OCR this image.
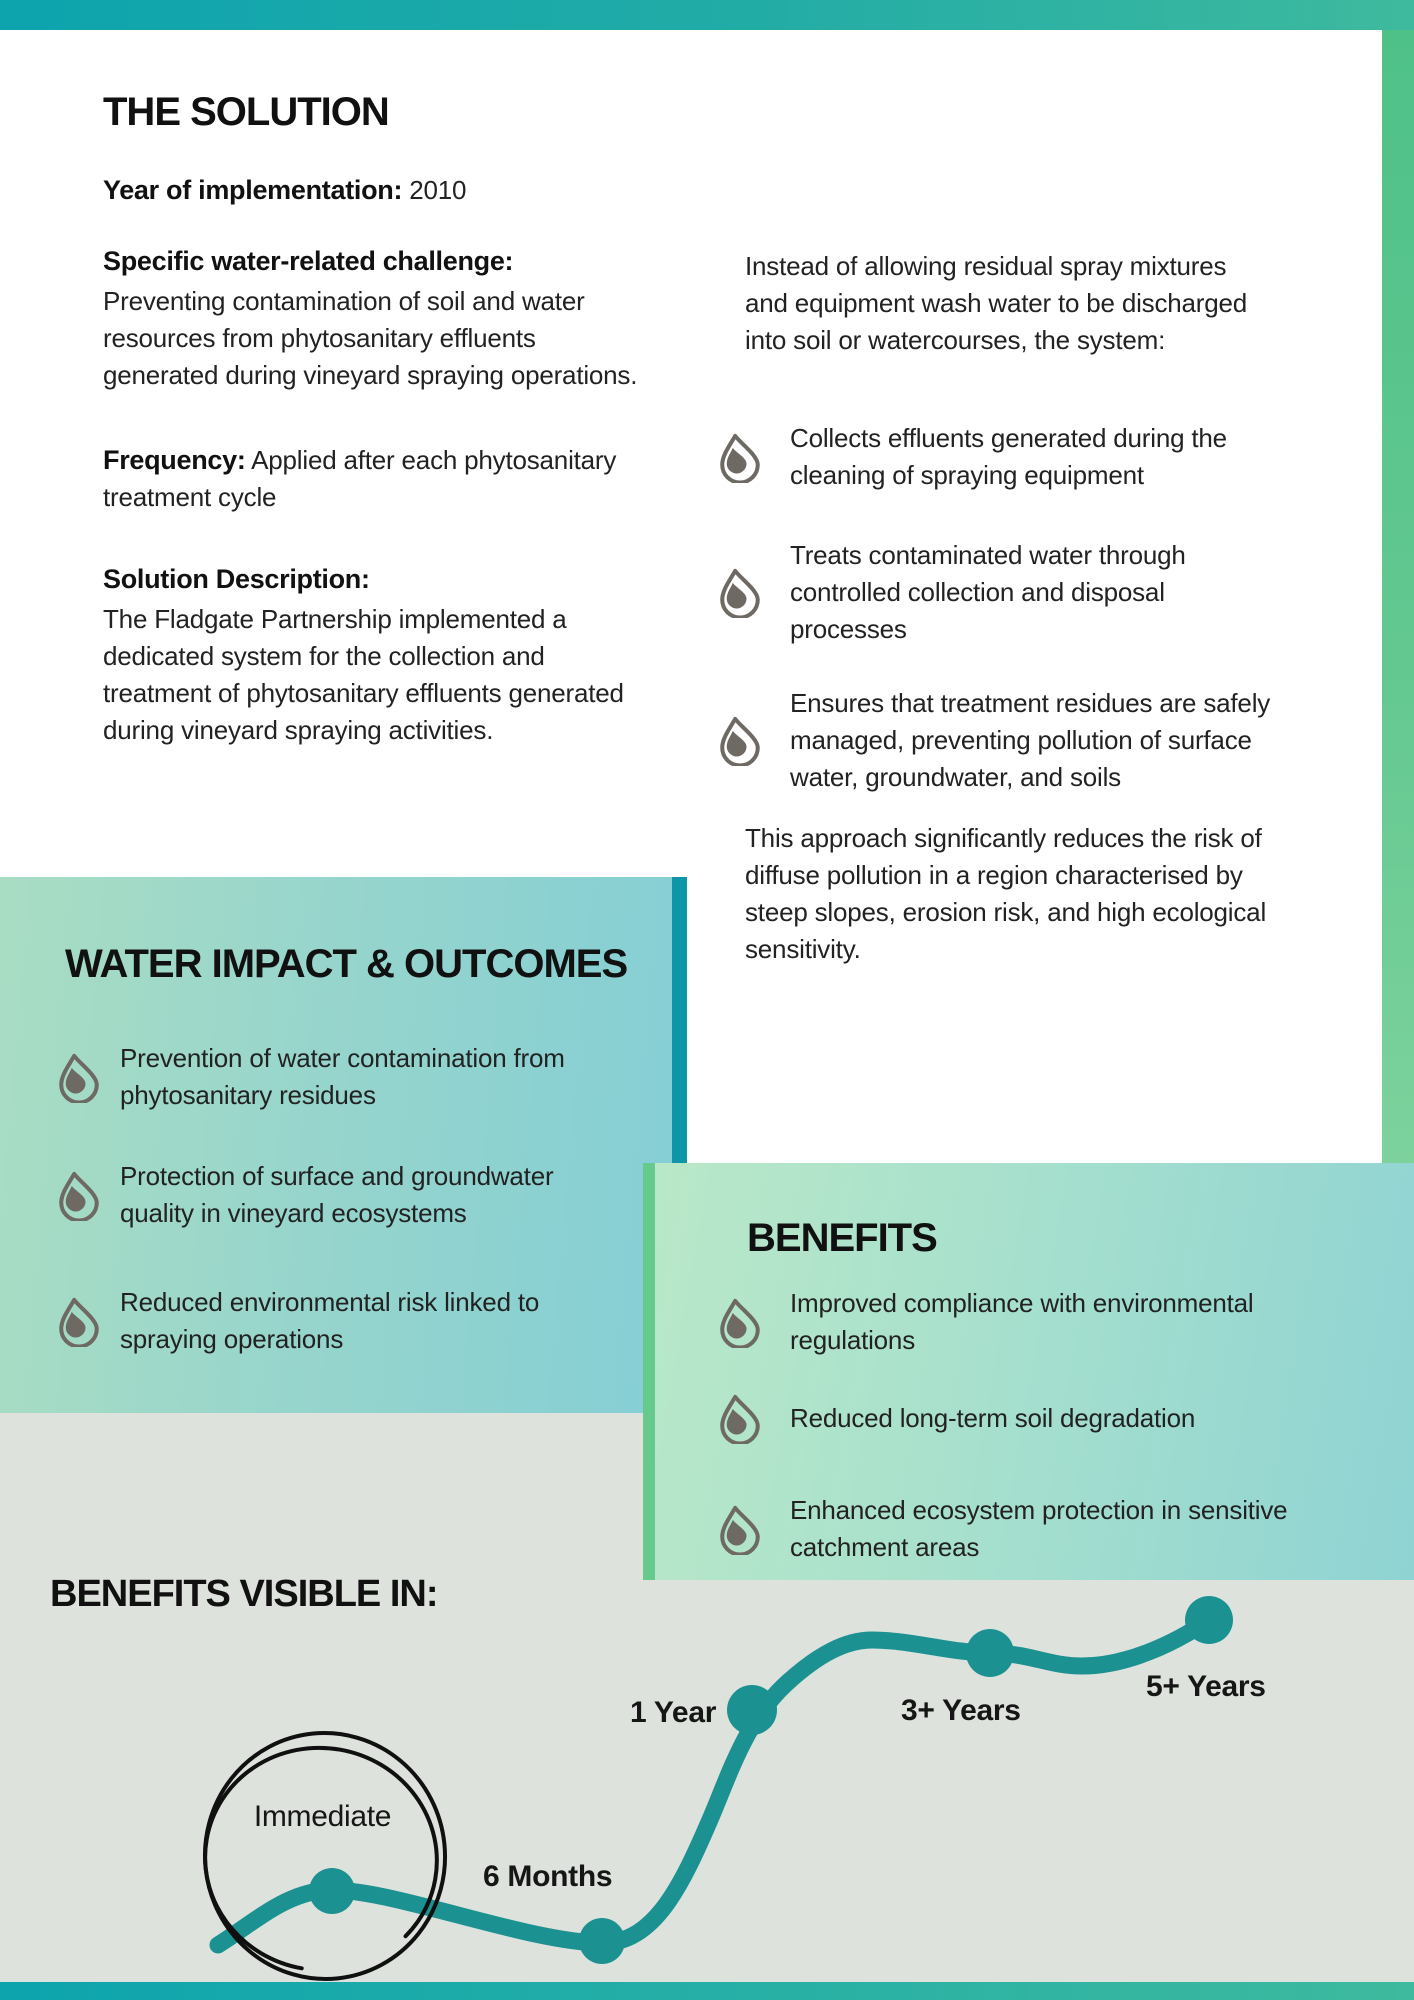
THE SOLUTION
Year of implementation: 2010
Specific water-related challenge:
Preventing contamination of soil and water
resources from phytosanitary effluents
generated during vineyard spraying operations.
Frequency: Applied after each phytosanitary
treatment cycle
Solution Description:
The Fladgate Partnership implemented a
dedicated system for the collection and
treatment of phytosanitary effluents generated
during vineyard spraying activities.
Instead of allowing residual spray mixtures
and equipment wash water to be discharged
into soil or watercourses, the system:
Collects effluents generated during the
cleaning of spraying equipment
Treats contaminated water through
controlled collection and disposal
processes
Ensures that treatment residues are safely
managed, preventing pollution of surface
water, groundwater, and soils
This approach significantly reduces the risk of
diffuse pollution in a region characterised by
steep slopes, erosion risk, and high ecological
sensitivity.
WATER IMPACT & OUTCOMES
Prevention of water contamination from
phytosanitary residues
Protection of surface and groundwater
quality in vineyard ecosystems
Reduced environmental risk linked to
spraying operations
BENEFITS
Improved compliance with environmental
regulations
Reduced long-term soil degradation
Enhanced ecosystem protection in sensitive
catchment areas
BENEFITS VISIBLE IN:
Immediate
6 Months
1 Year	3+ Years
5+ Years
